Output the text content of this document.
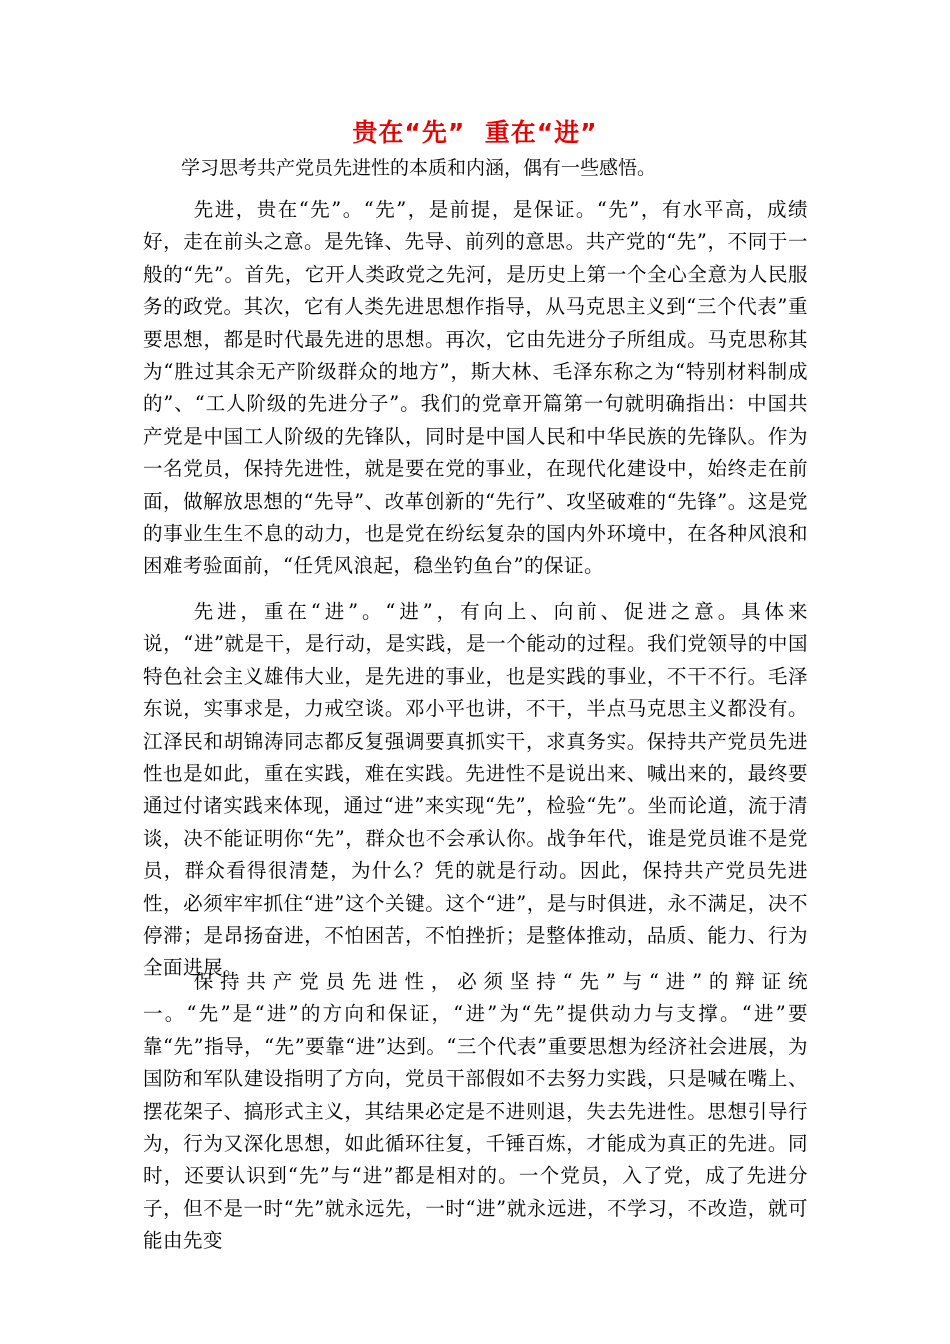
贵在“先”  重在“进”
学习思考共产党员先进性的本质和内涵，偶有一些感悟。
先进，贵在“先”。“先”，是前提，是保证。“先”，有水平高，成绩好，走在前头之意。是先锋、先导、前列的意思。共产党的“先”，不同于一般的“先”。首先，它开人类政党之先河，是历史上第一个全心全意为人民服务的政党。其次，它有人类先进思想作指导，从马克思主义到“三个代表”重要思想，都是时代最先进的思想。再次，它由先进分子所组成。马克思称其为“胜过其余无产阶级群众的地方”，斯大林、毛泽东称之为“特别材料制成的”、“工人阶级的先进分子”。我们的党章开篇第一句就明确指出：中国共产党是中国工人阶级的先锋队，同时是中国人民和中华民族的先锋队。作为一名党员，保持先进性，就是要在党的事业，在现代化建设中，始终走在前面，做解放思想的“先导”、改革创新的“先行”、攻坚破难的“先锋”。这是党的事业生生不息的动力，也是党在纷纭复杂的国内外环境中，在各种风浪和困难考验面前，“任凭风浪起，稳坐钓鱼台”的保证。
先进，重在“进”。“进”，有向上、向前、促进之意。具体来说，“进”就是干，是行动，是实践，是一个能动的过程。我们党领导的中国特色社会主义雄伟大业，是先进的事业，也是实践的事业，不干不行。毛泽东说，实事求是，力戒空谈。邓小平也讲，不干，半点马克思主义都没有。江泽民和胡锦涛同志都反复强调要真抓实干，求真务实。保持共产党员先进性也是如此，重在实践，难在实践。先进性不是说出来、喊出来的，最终要通过付诸实践来体现，通过“进”来实现“先”，检验“先”。坐而论道，流于清谈，决不能证明你“先”，群众也不会承认你。战争年代，谁是党员谁不是党员，群众看得很清楚，为什么？凭的就是行动。因此，保持共产党员先进性，必须牢牢抓住“进”这个关键。这个“进”，是与时俱进，永不满足，决不停滞；是昂扬奋进，不怕困苦，不怕挫折；是整体推动，品质、能力、行为全面进展。
保持共产党员先进性，必须坚持“先”与“进”的辩证统一。“先”是“进”的方向和保证，“进”为“先”提供动力与支撑。“进”要靠“先”指导，“先”要靠“进”达到。“三个代表”重要思想为经济社会进展，为国防和军队建设指明了方向，党员干部假如不去努力实践，只是喊在嘴上、摆花架子、搞形式主义，其结果必定是不进则退，失去先进性。思想引导行为，行为又深化思想，如此循环往复，千锤百炼，才能成为真正的先进。同时，还要认识到“先”与“进”都是相对的。一个党员，入了党，成了先进分子，但不是一时“先”就永远先，一时“进”就永远进，不学习，不改造，就可能由先变
